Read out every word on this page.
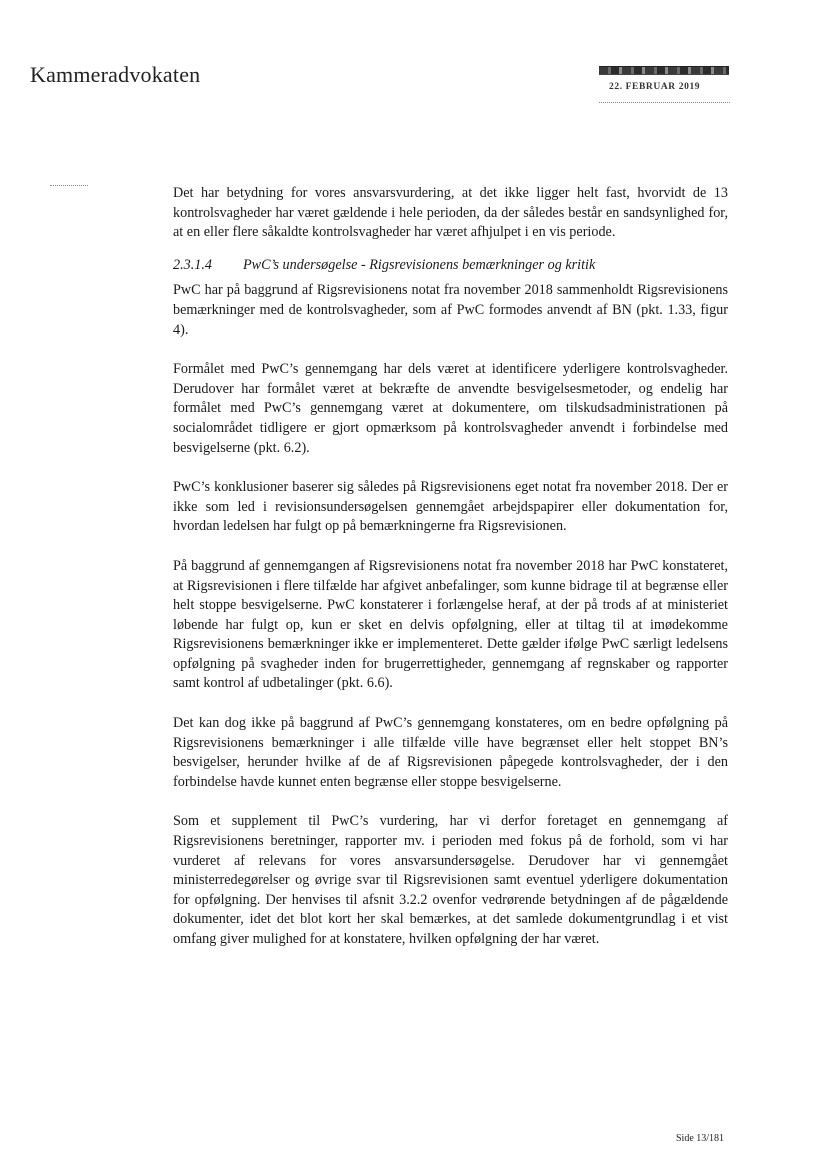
Kammeradvokaten	22. FEBRUAR 2019

Det har betydning for vores ansvarsvurdering, at det ikke ligger helt fast, hvorvidt de 13 kontrolsvagheder har været gældende i hele perioden, da der således består en sandsynlighed for, at en eller flere såkaldte kontrolsvagheder har været afhjulpet i en vis periode.

2.3.1.4	PwC’s undersøgelse - Rigsrevisionens bemærkninger og kritik

PwC har på baggrund af Rigsrevisionens notat fra november 2018 sammenholdt Rigsrevisionens bemærkninger med de kontrolsvagheder, som af PwC formodes anvendt af BN (pkt. 1.33, figur 4).

Formålet med PwC’s gennemgang har dels været at identificere yderligere kontrolsvagheder. Derudover har formålet været at bekræfte de anvendte besvigelsesmetoder, og endelig har formålet med PwC’s gennemgang været at dokumentere, om tilskudsadministrationen på socialområdet tidligere er gjort opmærksom på kontrolsvagheder anvendt i forbindelse med besvigelserne (pkt. 6.2).

PwC’s konklusioner baserer sig således på Rigsrevisionens eget notat fra november 2018. Der er ikke som led i revisionsundersøgelsen gennemgået arbejdspapirer eller dokumentation for, hvordan ledelsen har fulgt op på bemærkningerne fra Rigsrevisionen.

På baggrund af gennemgangen af Rigsrevisionens notat fra november 2018 har PwC konstateret, at Rigsrevisionen i flere tilfælde har afgivet anbefalinger, som kunne bidrage til at begrænse eller helt stoppe besvigelserne. PwC konstaterer i forlængelse heraf, at der på trods af at ministeriet løbende har fulgt op, kun er sket en delvis opfølgning, eller at tiltag til at imødekomme Rigsrevisionens bemærkninger ikke er implementeret. Dette gælder ifølge PwC særligt ledelsens opfølgning på svagheder inden for brugerrettigheder, gennemgang af regnskaber og rapporter samt kontrol af udbetalinger (pkt. 6.6).

Det kan dog ikke på baggrund af PwC’s gennemgang konstateres, om en bedre opfølgning på Rigsrevisionens bemærkninger i alle tilfælde ville have begrænset eller helt stoppet BN’s besvigelser, herunder hvilke af de af Rigsrevisionen påpegede kontrolsvagheder, der i den forbindelse havde kunnet enten begrænse eller stoppe besvigelserne.

Som et supplement til PwC’s vurdering, har vi derfor foretaget en gennemgang af Rigsrevisionens beretninger, rapporter mv. i perioden med fokus på de forhold, som vi har vurderet af relevans for vores ansvarsundersøgelse. Derudover har vi gennemgået ministerredegørelser og øvrige svar til Rigsrevisionen samt eventuel yderligere dokumentation for opfølgning. Der henvises til afsnit 3.2.2 ovenfor vedrørende betydningen af de pågældende dokumenter, idet det blot kort her skal bemærkes, at det samlede dokumentgrundlag i et vist omfang giver mulighed for at konstatere, hvilken opfølgning der har været.

Side 13/181
